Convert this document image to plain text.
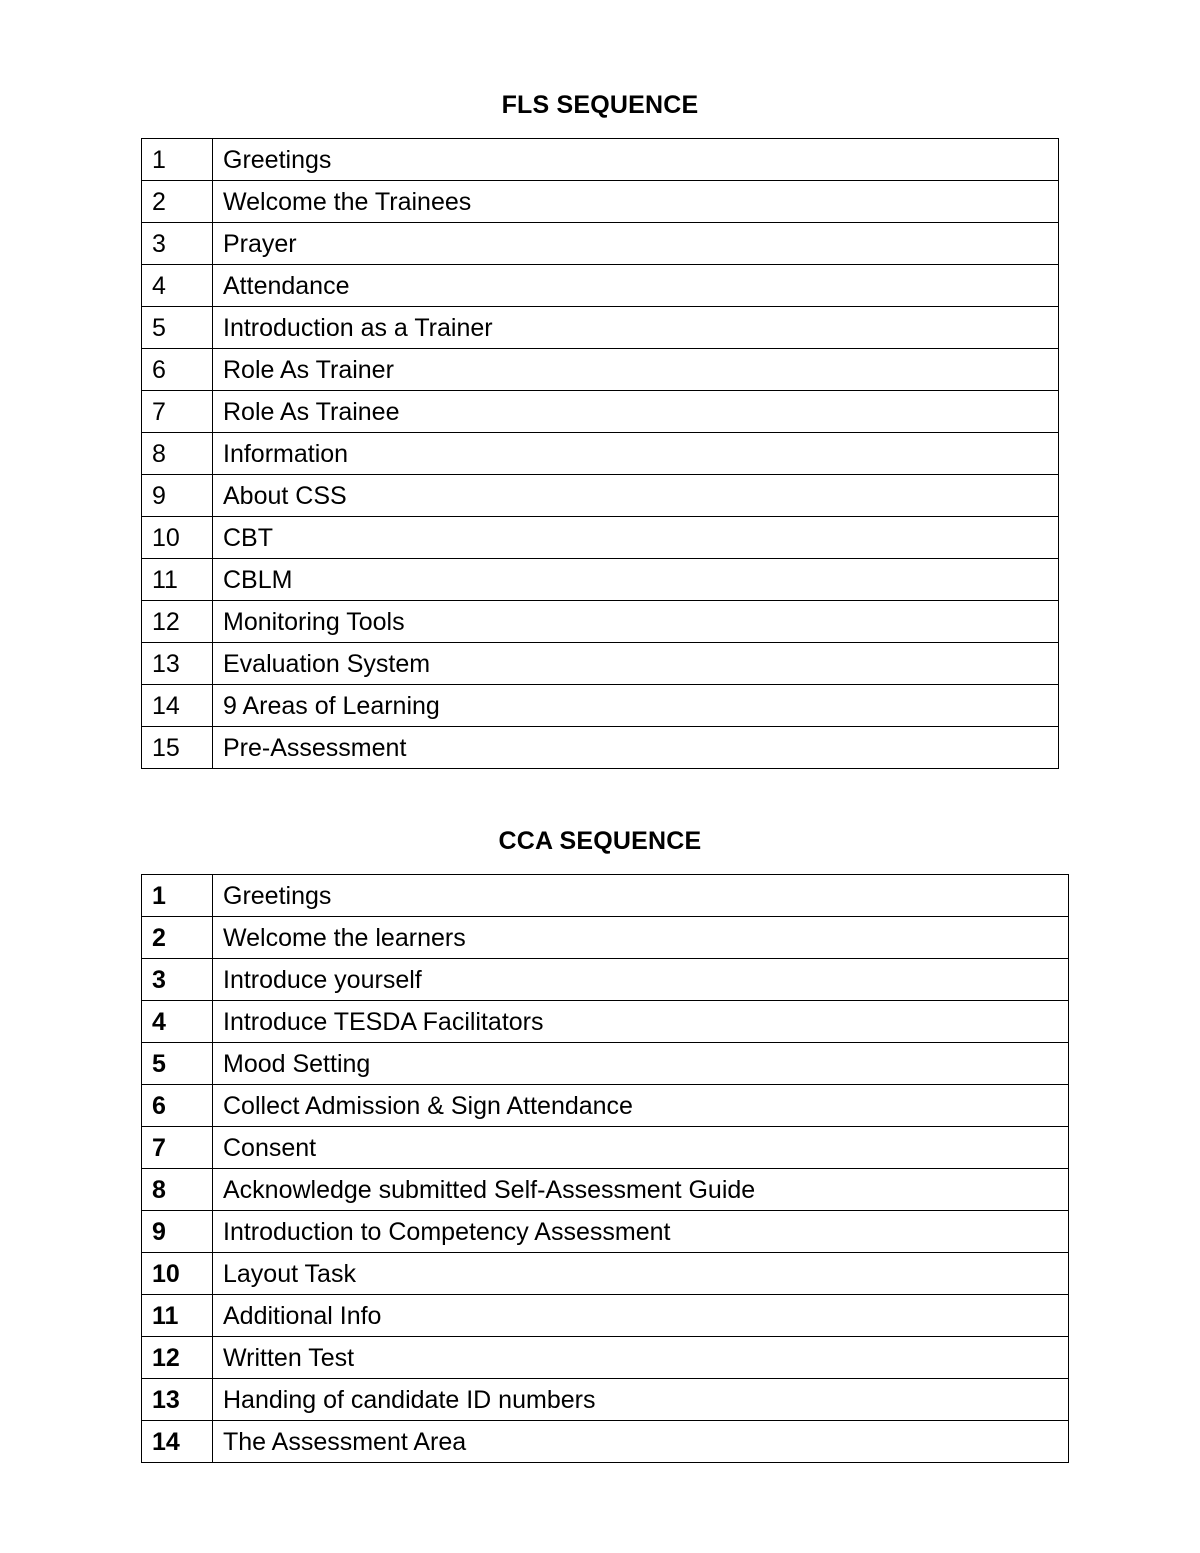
FLS SEQUENCE
1	Greetings
2	Welcome the Trainees
3	Prayer
4	Attendance
5	Introduction as a Trainer
6	Role As Trainer
7	Role As Trainee
8	Information
9	About CSS
10	CBT
11	CBLM
12	Monitoring Tools
13	Evaluation System
14	9 Areas of Learning
15	Pre-Assessment
CCA SEQUENCE
1	Greetings
2	Welcome the learners
3	Introduce yourself
4	Introduce TESDA Facilitators
5	Mood Setting
6	Collect Admission & Sign Attendance
7	Consent
8	Acknowledge submitted Self-Assessment Guide
9	Introduction to Competency Assessment
10	Layout Task
11	Additional Info
12	Written Test
13	Handing of candidate ID numbers
14	The Assessment Area
